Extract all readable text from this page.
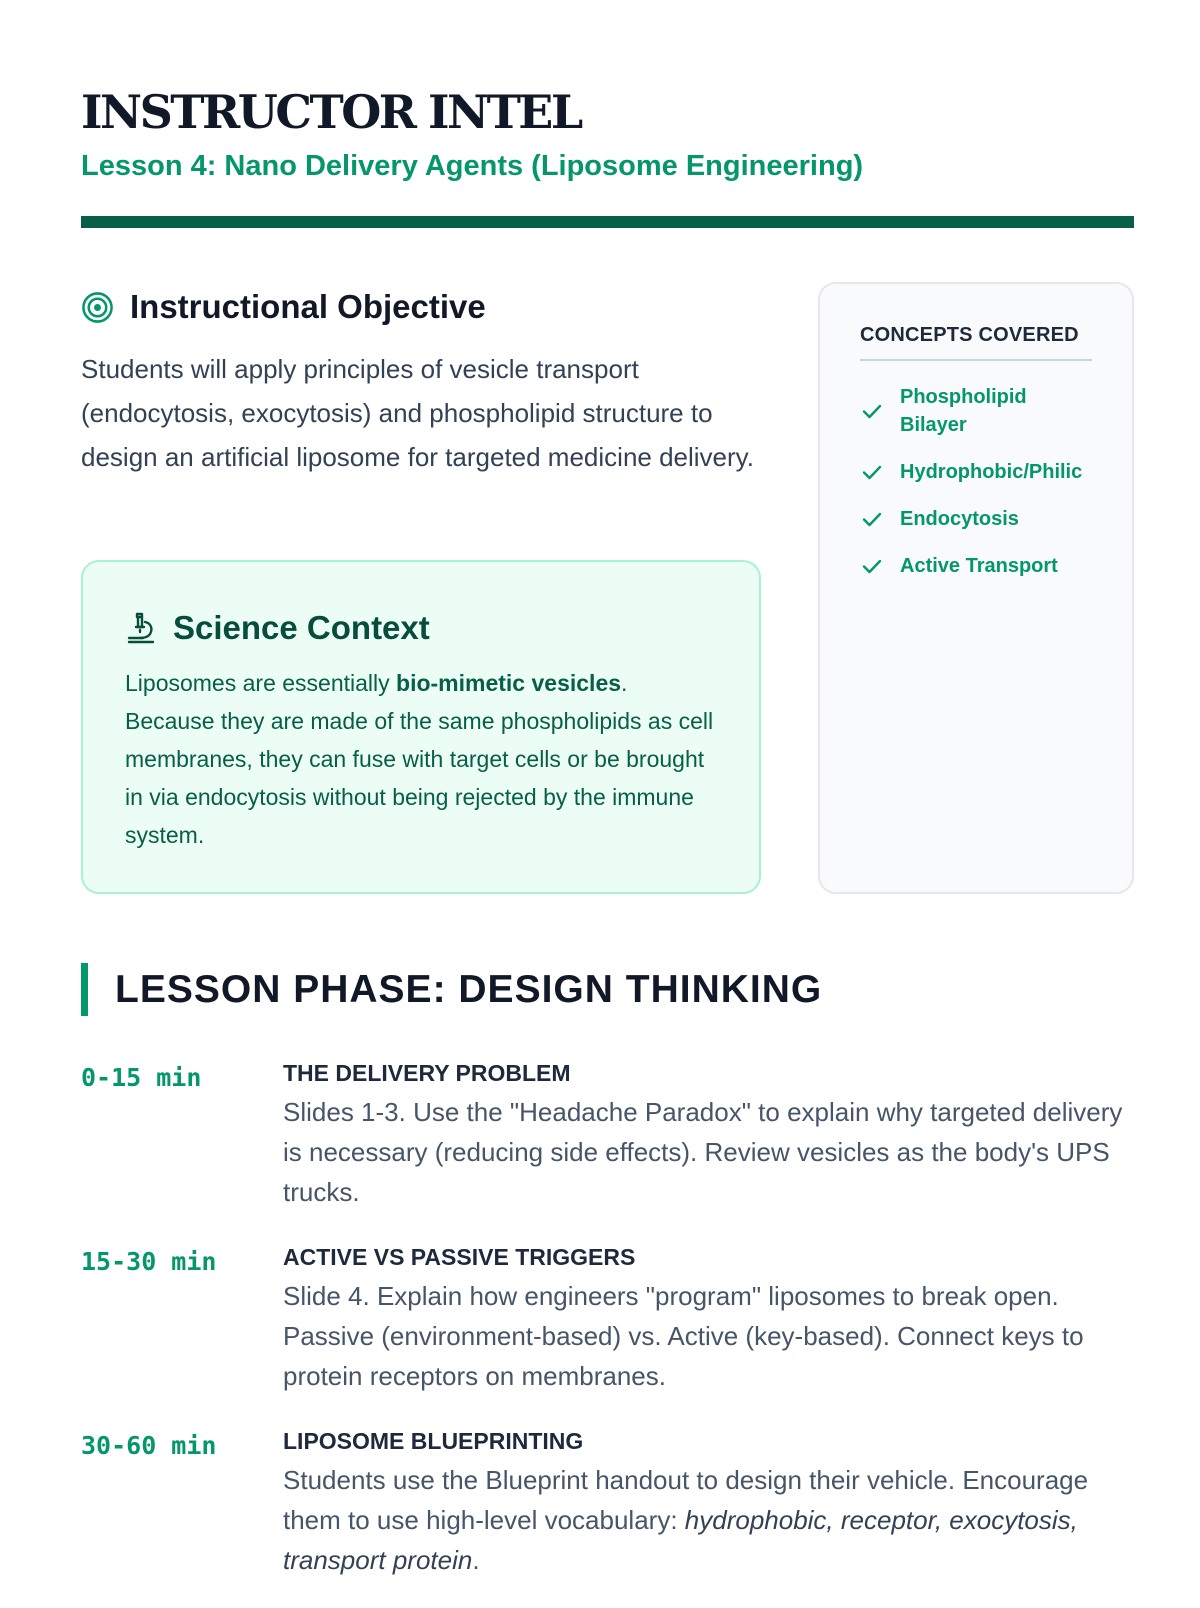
INSTRUCTOR INTEL
Lesson 4: Nano Delivery Agents (Liposome Engineering)
Instructional Objective

Students will apply principles of vesicle transport (endocytosis, exocytosis) and phospholipid structure to design an artificial liposome for targeted medicine delivery.

Science Context

Liposomes are essentially bio-mimetic vesicles. Because they are made of the same phospholipids as cell membranes, they can fuse with target cells or be brought in via endocytosis without being rejected by the immune system.

CONCEPTS COVERED
Phospholipid Bilayer
Hydrophobic/Philic
Endocytosis
Active Transport
LESSON PHASE: DESIGN THINKING
0-15 min	THE DELIVERY PROBLEM

Slides 1-3. Use the "Headache Paradox" to explain why targeted delivery is necessary (reducing side effects). Review vesicles as the body's UPS trucks.

15-30 min	ACTIVE VS PASSIVE TRIGGERS

Slide 4. Explain how engineers "program" liposomes to break open. Passive (environment-based) vs. Active (key-based). Connect keys to protein receptors on membranes.

30-60 min	LIPOSOME BLUEPRINTING

Students use the Blueprint handout to design their vehicle. Encourage them to use high-level vocabulary: hydrophobic, receptor, exocytosis, transport protein.
